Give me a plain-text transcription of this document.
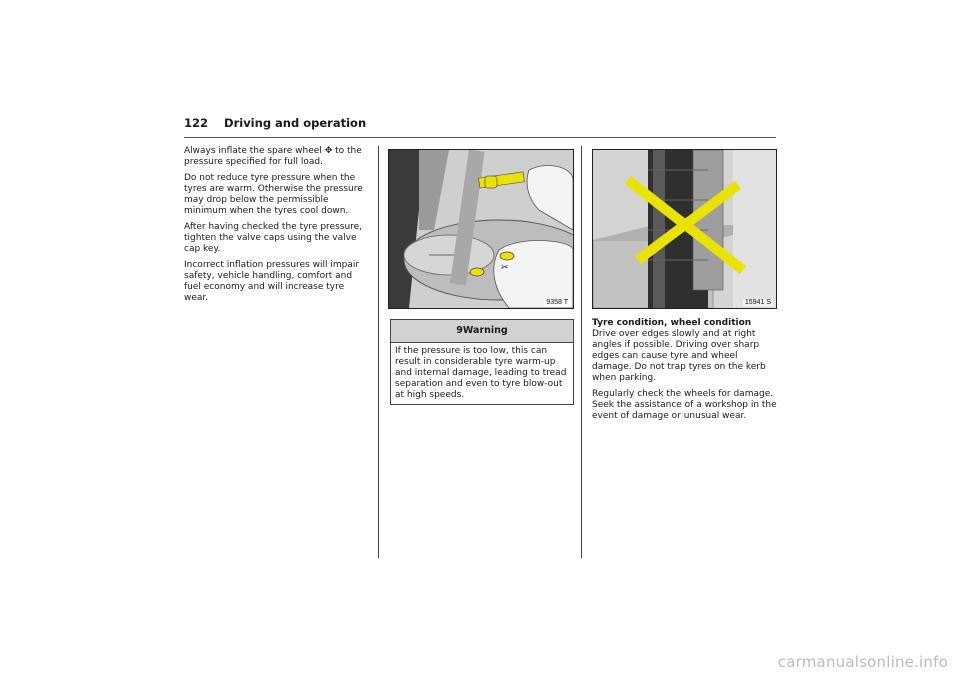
122 Driving and operation

Always inflate the spare wheel ✥ to the pressure specified for full load.

Do not reduce tyre pressure when the tyres are warm. Otherwise the pressure may drop below the permissible minimum when the tyres cool down.

After having checked the tyre pressure, tighten the valve caps using the valve cap key.

Incorrect inflation pressures will impair safety, vehicle handling, comfort and fuel economy and will increase tyre wear.

✂
9358 T
9Warning
If the pressure is too low, this can result in considerable tyre warm-up and internal damage, leading to tread separation and even to tyre blow-out at high speeds.
15941 S
Tyre condition, wheel condition

Drive over edges slowly and at right angles if possible. Driving over sharp edges can cause tyre and wheel damage. Do not trap tyres on the kerb when parking.

Regularly check the wheels for damage. Seek the assistance of a workshop in the event of damage or unusual wear.

carmanualsonline.info
